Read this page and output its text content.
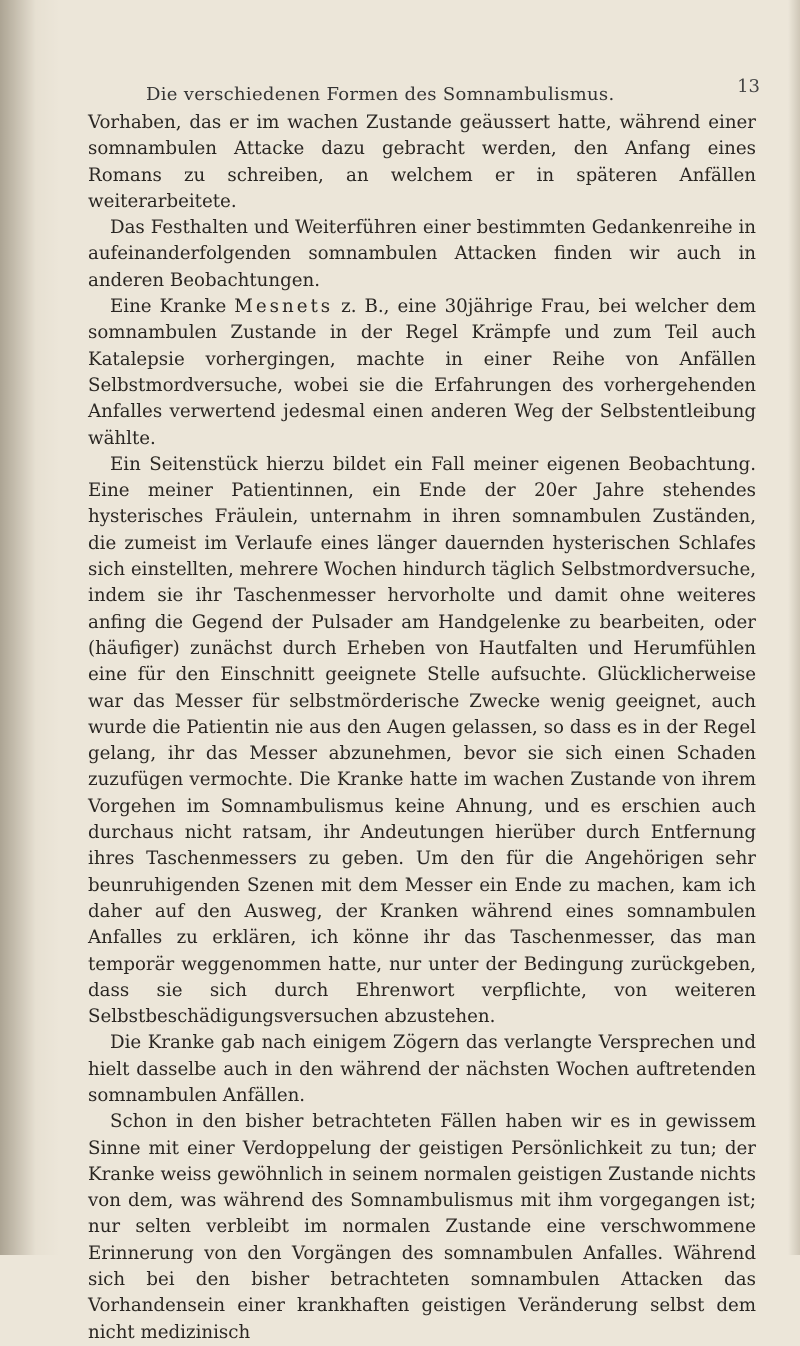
Die verschiedenen Formen des Somnambulismus.	13

Vorhaben, das er im wachen Zustande geäussert hatte, während einer somnambulen Attacke dazu gebracht werden, den Anfang eines Romans zu schreiben, an welchem er in späteren Anfällen weiterarbeitete.

Das Festhalten und Weiterführen einer bestimmten Gedankenreihe in aufeinanderfolgenden somnambulen Attacken finden wir auch in anderen Beobachtungen.

Eine Kranke Mesnets z. B., eine 30jährige Frau, bei welcher dem somnambulen Zustande in der Regel Krämpfe und zum Teil auch Katalepsie vorhergingen, machte in einer Reihe von Anfällen Selbstmordversuche, wobei sie die Erfahrungen des vorhergehenden Anfalles verwertend jedesmal einen anderen Weg der Selbstentleibung wählte.

Ein Seitenstück hierzu bildet ein Fall meiner eigenen Beobachtung. Eine meiner Patientinnen, ein Ende der 20er Jahre stehendes hysterisches Fräulein, unternahm in ihren somnambulen Zuständen, die zumeist im Verlaufe eines länger dauernden hysterischen Schlafes sich einstellten, mehrere Wochen hindurch täglich Selbstmordversuche, indem sie ihr Taschenmesser hervorholte und damit ohne weiteres anfing die Gegend der Pulsader am Handgelenke zu bearbeiten, oder (häufiger) zunächst durch Erheben von Hautfalten und Herumfühlen eine für den Einschnitt geeignete Stelle aufsuchte. Glücklicherweise war das Messer für selbstmörderische Zwecke wenig geeignet, auch wurde die Patientin nie aus den Augen gelassen, so dass es in der Regel gelang, ihr das Messer abzunehmen, bevor sie sich einen Schaden zuzufügen vermochte. Die Kranke hatte im wachen Zustande von ihrem Vorgehen im Somnambulismus keine Ahnung, und es erschien auch durchaus nicht ratsam, ihr Andeutungen hierüber durch Entfernung ihres Taschenmessers zu geben. Um den für die Angehörigen sehr beunruhigenden Szenen mit dem Messer ein Ende zu machen, kam ich daher auf den Ausweg, der Kranken während eines somnambulen Anfalles zu erklären, ich könne ihr das Taschenmesser, das man temporär weggenommen hatte, nur unter der Bedingung zurückgeben, dass sie sich durch Ehrenwort verpflichte, von weiteren Selbstbeschädigungsversuchen abzustehen.

Die Kranke gab nach einigem Zögern das verlangte Versprechen und hielt dasselbe auch in den während der nächsten Wochen auftretenden somnambulen Anfällen.

Schon in den bisher betrachteten Fällen haben wir es in gewissem Sinne mit einer Verdoppelung der geistigen Persönlichkeit zu tun; der Kranke weiss gewöhnlich in seinem normalen geistigen Zustande nichts von dem, was während des Somnambulismus mit ihm vorgegangen ist; nur selten verbleibt im normalen Zustande eine verschwommene Erinnerung von den Vorgängen des somnambulen Anfalles. Während sich bei den bisher betrachteten somnambulen Attacken das Vorhandensein einer krankhaften geistigen Veränderung selbst dem nicht medizinisch
